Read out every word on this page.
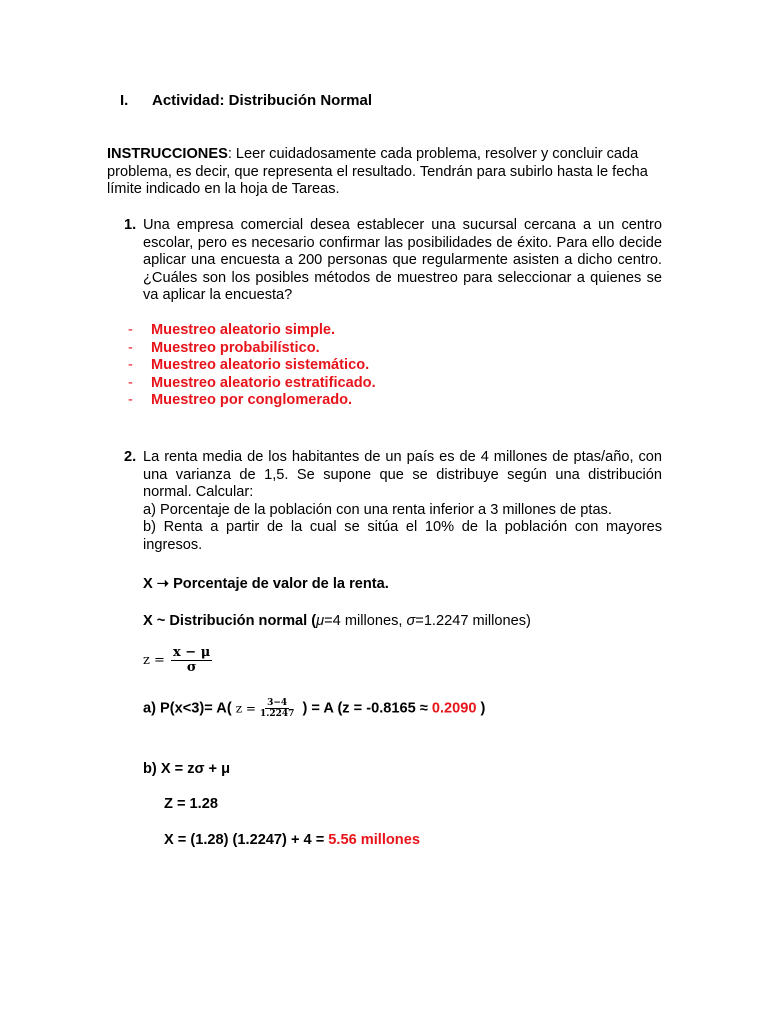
I. Actividad: Distribución Normal
INSTRUCCIONES: Leer cuidadosamente cada problema, resolver y concluir cada problema, es decir, que representa el resultado. Tendrán para subirlo hasta le fecha límite indicado en la hoja de Tareas.
1. Una empresa comercial desea establecer una sucursal cercana a un centro escolar, pero es necesario confirmar las posibilidades de éxito. Para ello decide aplicar una encuesta a 200 personas que regularmente asisten a dicho centro. ¿Cuáles son los posibles métodos de muestreo para seleccionar a quienes se va aplicar la encuesta?
- Muestreo aleatorio simple.
- Muestreo probabilístico.
- Muestreo aleatorio sistemático.
- Muestreo aleatorio estratificado.
- Muestreo por conglomerado.
2. La renta media de los habitantes de un país es de 4 millones de ptas/año, con una varianza de 1,5. Se supone que se distribuye según una distribución normal. Calcular:
a) Porcentaje de la población con una renta inferior a 3 millones de ptas.
b) Renta a partir de la cual se sitúa el 10% de la población con mayores ingresos.
X ➝ Porcentaje de valor de la renta.
X ~ Distribución normal (μ=4 millones, σ=1.2247 millones)
$z = \frac{x - \mu}{\sigma}$
a) P(x<3)= A( $z = \frac{3-4}{1.2247}$ ) = A (z = -0.8165 ≈ 0.2090 )
b) X = zσ + μ
Z = 1.28
X = (1.28) (1.2247) + 4 = 5.56 millones
